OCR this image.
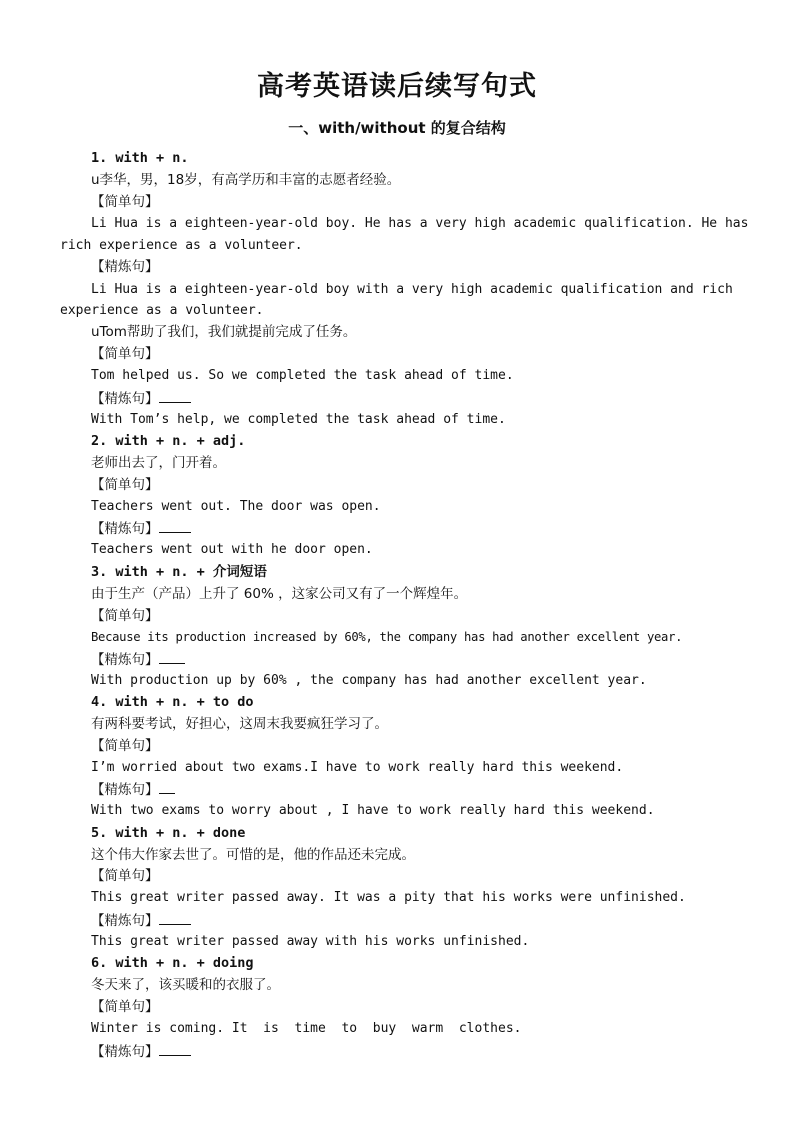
高考英语读后续写句式
一、with/without 的复合结构
1. with + n.
u李华，男，18岁，有高学历和丰富的志愿者经验。
【简单句】
Li Hua is a eighteen-year-old boy. He has a very high academic qualification. He has
rich experience as a volunteer.
【精炼句】
Li Hua is a eighteen-year-old boy with a very high academic qualification and rich
experience as a volunteer.
uTom帮助了我们，我们就提前完成了任务。
【简单句】
Tom helped us. So we completed the task ahead of time.
【精炼句】
With Tom’s help, we completed the task ahead of time.
2. with + n. + adj.
老师出去了，门开着。
【简单句】
Teachers went out. The door was open.
【精炼句】
Teachers went out with he door open.
3. with + n. + 介词短语
由于生产（产品）上升了 60% ，这家公司又有了一个辉煌年。
【简单句】
Because its production increased by 60%, the company has had another excellent year.
【精炼句】
With production up by 60% , the company has had another excellent year.
4. with + n. + to do
有两科要考试，好担心，这周末我要疯狂学习了。
【简单句】
I’m worried about two exams.I have to work really hard this weekend.
【精炼句】
With two exams to worry about , I have to work really hard this weekend.
5. with + n. + done
这个伟大作家去世了。可惜的是，他的作品还未完成。
【简单句】
This great writer passed away. It was a pity that his works were unfinished.
【精炼句】
This great writer passed away with his works unfinished.
6. with + n. + doing
冬天来了，该买暖和的衣服了。
【简单句】
Winter is coming. It  is  time  to  buy  warm  clothes.
【精炼句】
